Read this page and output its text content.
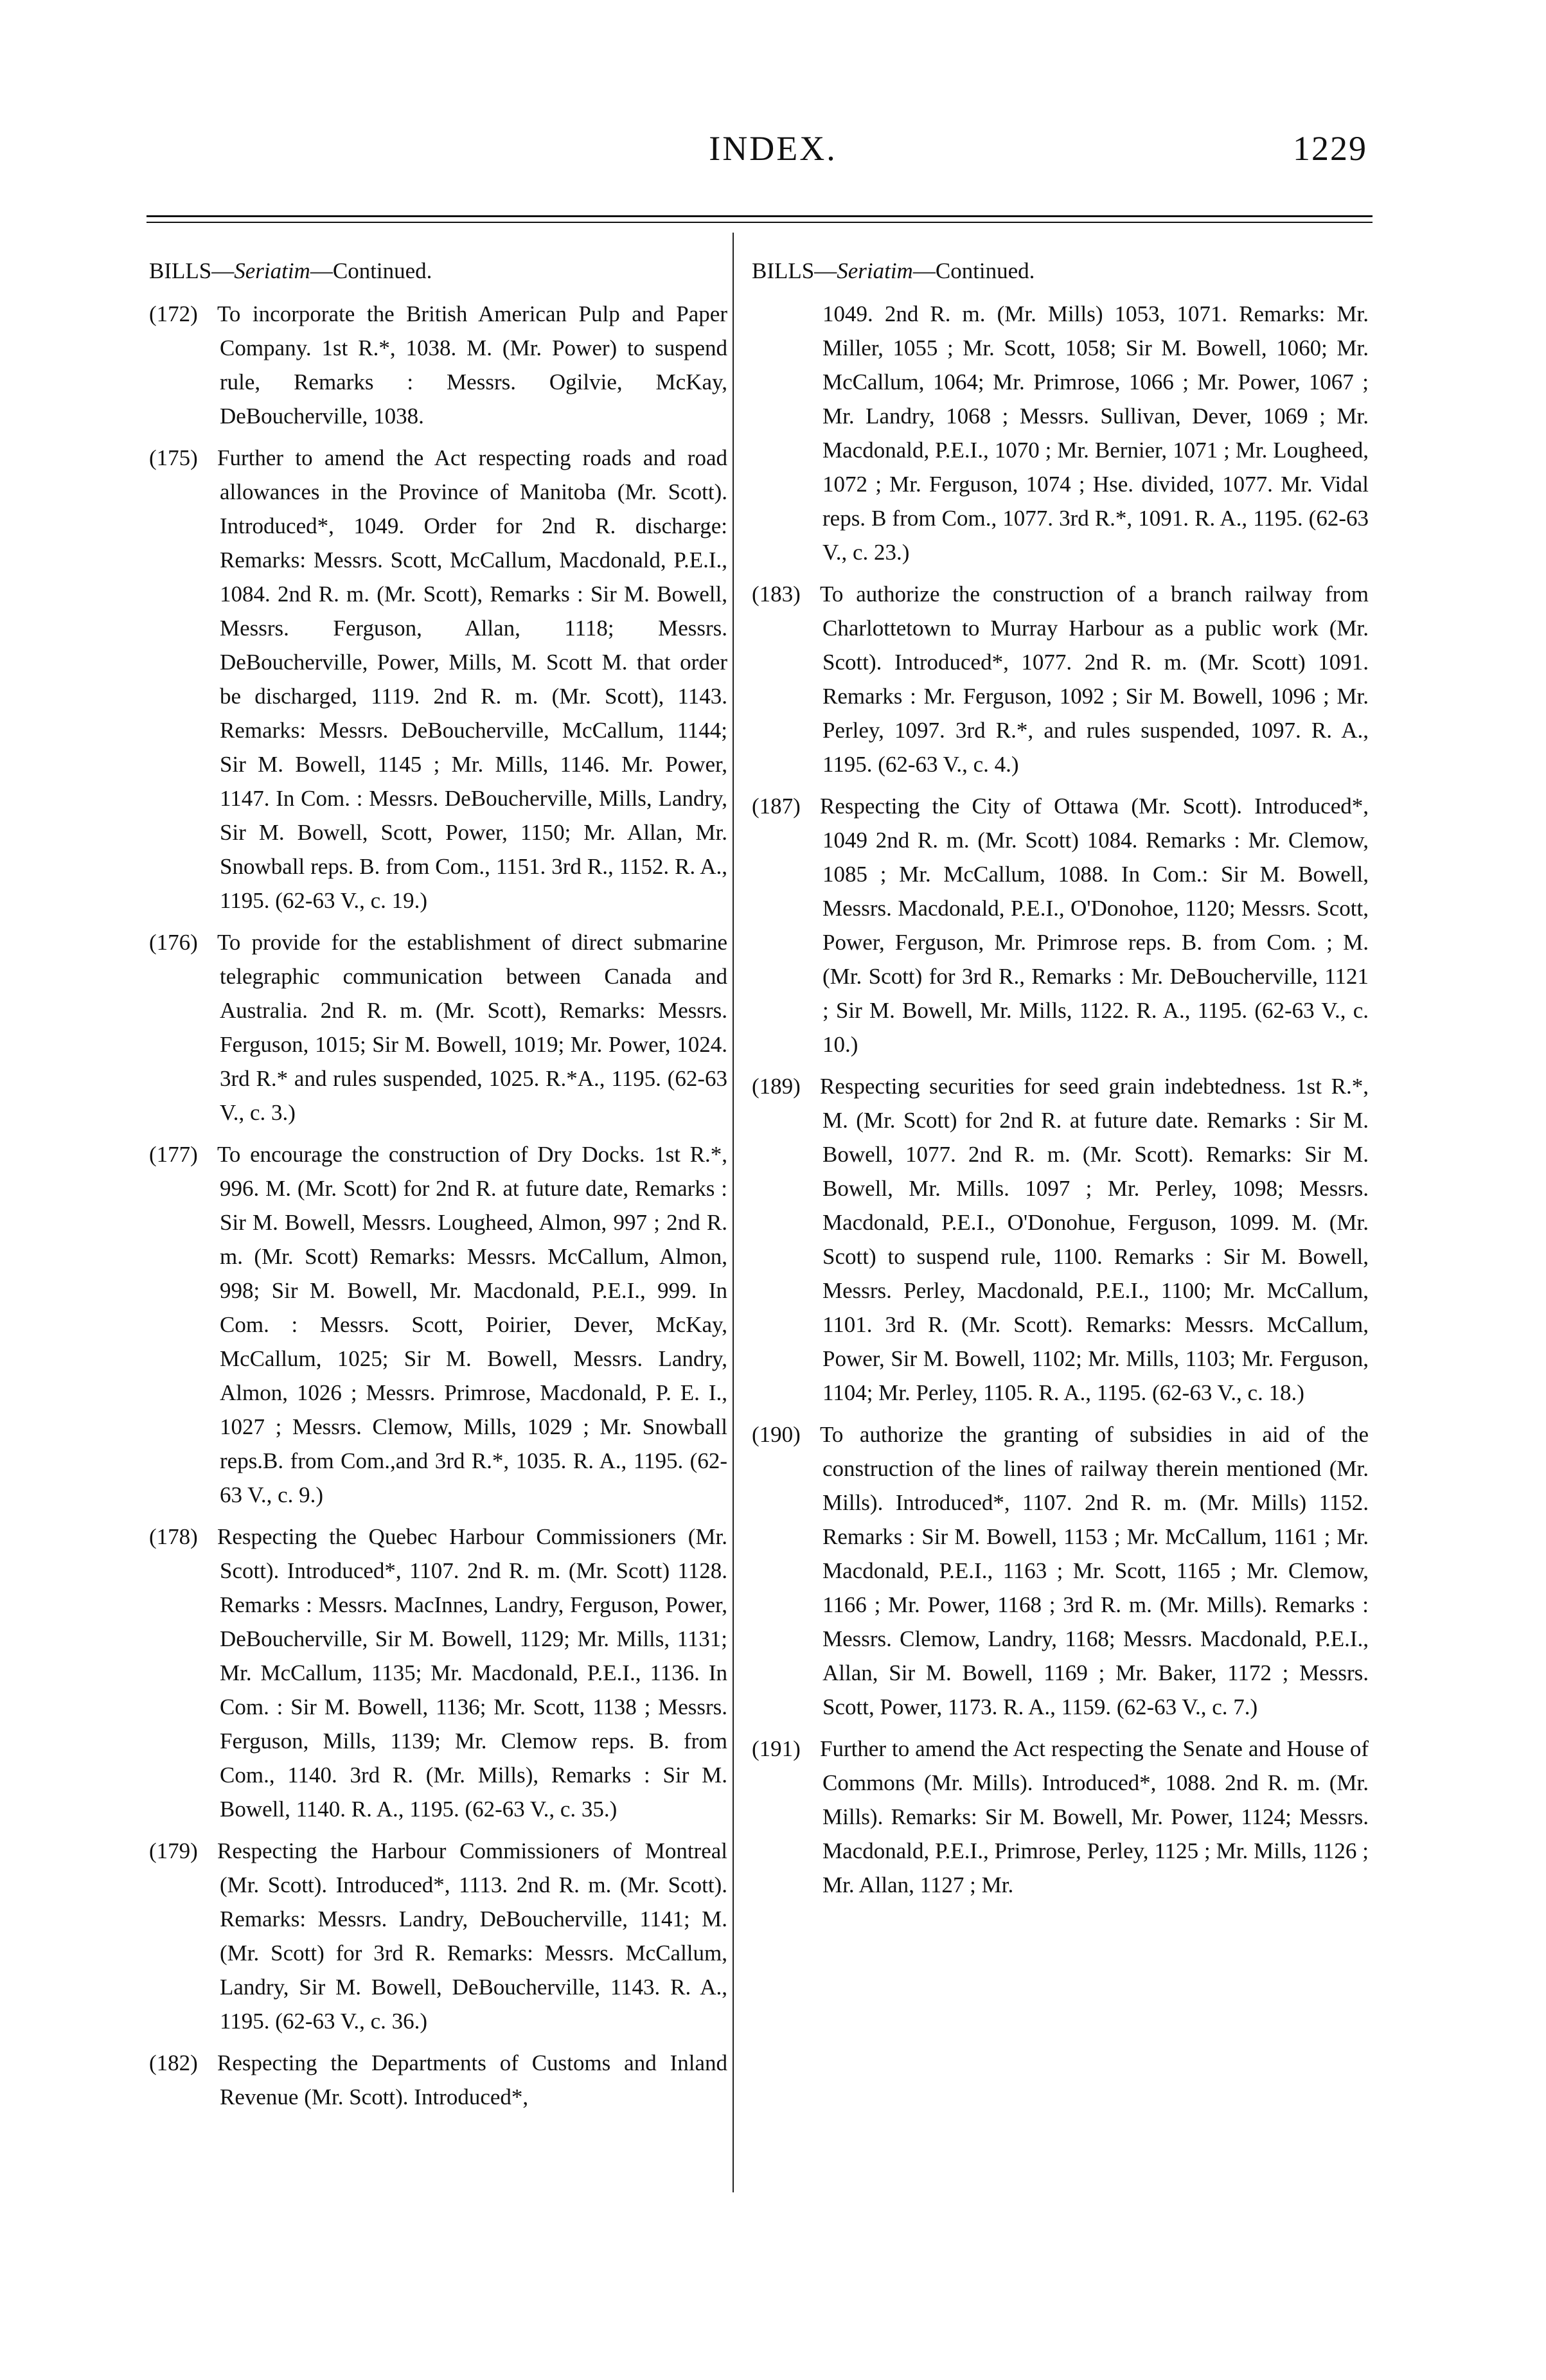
INDEX.	1229

BILLS—Seriatim—Continued.

(172) To incorporate the British American Pulp and Paper Company. 1st R.*, 1038. M. (Mr. Power) to suspend rule, Remarks : Messrs. Ogilvie, McKay, DeBoucherville, 1038.

(175) Further to amend the Act respecting roads and road allowances in the Province of Manitoba (Mr. Scott). Introduced*, 1049. Order for 2nd R. discharge: Remarks: Messrs. Scott, McCallum, Macdonald, P.E.I., 1084. 2nd R. m. (Mr. Scott), Remarks : Sir M. Bowell, Messrs. Ferguson, Allan, 1118; Messrs. DeBoucherville, Power, Mills, M. Scott M. that order be discharged, 1119. 2nd R. m. (Mr. Scott), 1143. Remarks: Messrs. DeBoucherville, McCallum, 1144; Sir M. Bowell, 1145 ; Mr. Mills, 1146. Mr. Power, 1147. In Com. : Messrs. DeBoucherville, Mills, Landry, Sir M. Bowell, Scott, Power, 1150; Mr. Allan, Mr. Snowball reps. B. from Com., 1151. 3rd R., 1152. R. A., 1195. (62-63 V., c. 19.)

(176) To provide for the establishment of direct submarine telegraphic communication between Canada and Australia. 2nd R. m. (Mr. Scott), Remarks: Messrs. Ferguson, 1015; Sir M. Bowell, 1019; Mr. Power, 1024. 3rd R.* and rules suspended, 1025. R.*A., 1195. (62-63 V., c. 3.)

(177) To encourage the construction of Dry Docks. 1st R.*, 996. M. (Mr. Scott) for 2nd R. at future date, Remarks : Sir M. Bowell, Messrs. Lougheed, Almon, 997 ; 2nd R. m. (Mr. Scott) Remarks: Messrs. McCallum, Almon, 998; Sir M. Bowell, Mr. Macdonald, P.E.I., 999. In Com. : Messrs. Scott, Poirier, Dever, McKay, McCallum, 1025; Sir M. Bowell, Messrs. Landry, Almon, 1026 ; Messrs. Primrose, Macdonald, P. E. I., 1027 ; Messrs. Clemow, Mills, 1029 ; Mr. Snowball reps.B. from Com.,and 3rd R.*, 1035. R. A., 1195. (62-63 V., c. 9.)

(178) Respecting the Quebec Harbour Commissioners (Mr. Scott). Introduced*, 1107. 2nd R. m. (Mr. Scott) 1128. Remarks : Messrs. MacInnes, Landry, Ferguson, Power, DeBoucherville, Sir M. Bowell, 1129; Mr. Mills, 1131; Mr. McCallum, 1135; Mr. Macdonald, P.E.I., 1136. In Com. : Sir M. Bowell, 1136; Mr. Scott, 1138 ; Messrs. Ferguson, Mills, 1139; Mr. Clemow reps. B. from Com., 1140. 3rd R. (Mr. Mills), Remarks : Sir M. Bowell, 1140. R. A., 1195. (62-63 V., c. 35.)

(179) Respecting the Harbour Commissioners of Montreal (Mr. Scott). Introduced*, 1113. 2nd R. m. (Mr. Scott). Remarks: Messrs. Landry, DeBoucherville, 1141; M. (Mr. Scott) for 3rd R. Remarks: Messrs. McCallum, Landry, Sir M. Bowell, DeBoucherville, 1143. R. A., 1195. (62-63 V., c. 36.)

(182) Respecting the Departments of Customs and Inland Revenue (Mr. Scott). Introduced*,

BILLS—Seriatim—Continued.

1049. 2nd R. m. (Mr. Mills) 1053, 1071. Remarks: Mr. Miller, 1055 ; Mr. Scott, 1058; Sir M. Bowell, 1060; Mr. McCallum, 1064; Mr. Primrose, 1066 ; Mr. Power, 1067 ; Mr. Landry, 1068 ; Messrs. Sullivan, Dever, 1069 ; Mr. Macdonald, P.E.I., 1070 ; Mr. Bernier, 1071 ; Mr. Lougheed, 1072 ; Mr. Ferguson, 1074 ; Hse. divided, 1077. Mr. Vidal reps. B from Com., 1077. 3rd R.*, 1091. R. A., 1195. (62-63 V., c. 23.)

(183) To authorize the construction of a branch railway from Charlottetown to Murray Harbour as a public work (Mr. Scott). Introduced*, 1077. 2nd R. m. (Mr. Scott) 1091. Remarks : Mr. Ferguson, 1092 ; Sir M. Bowell, 1096 ; Mr. Perley, 1097. 3rd R.*, and rules suspended, 1097. R. A., 1195. (62-63 V., c. 4.)

(187) Respecting the City of Ottawa (Mr. Scott). Introduced*, 1049 2nd R. m. (Mr. Scott) 1084. Remarks : Mr. Clemow, 1085 ; Mr. McCallum, 1088. In Com.: Sir M. Bowell, Messrs. Macdonald, P.E.I., O'Donohoe, 1120; Messrs. Scott, Power, Ferguson, Mr. Primrose reps. B. from Com. ; M. (Mr. Scott) for 3rd R., Remarks : Mr. DeBoucherville, 1121 ; Sir M. Bowell, Mr. Mills, 1122. R. A., 1195. (62-63 V., c. 10.)

(189) Respecting securities for seed grain indebtedness. 1st R.*, M. (Mr. Scott) for 2nd R. at future date. Remarks : Sir M. Bowell, 1077. 2nd R. m. (Mr. Scott). Remarks: Sir M. Bowell, Mr. Mills. 1097 ; Mr. Perley, 1098; Messrs. Macdonald, P.E.I., O'Donohue, Ferguson, 1099. M. (Mr. Scott) to suspend rule, 1100. Remarks : Sir M. Bowell, Messrs. Perley, Macdonald, P.E.I., 1100; Mr. McCallum, 1101. 3rd R. (Mr. Scott). Remarks: Messrs. McCallum, Power, Sir M. Bowell, 1102; Mr. Mills, 1103; Mr. Ferguson, 1104; Mr. Perley, 1105. R. A., 1195. (62-63 V., c. 18.)

(190) To authorize the granting of subsidies in aid of the construction of the lines of railway therein mentioned (Mr. Mills). Introduced*, 1107. 2nd R. m. (Mr. Mills) 1152. Remarks : Sir M. Bowell, 1153 ; Mr. McCallum, 1161 ; Mr. Macdonald, P.E.I., 1163 ; Mr. Scott, 1165 ; Mr. Clemow, 1166 ; Mr. Power, 1168 ; 3rd R. m. (Mr. Mills). Remarks : Messrs. Clemow, Landry, 1168; Messrs. Macdonald, P.E.I., Allan, Sir M. Bowell, 1169 ; Mr. Baker, 1172 ; Messrs. Scott, Power, 1173. R. A., 1159. (62-63 V., c. 7.)

(191) Further to amend the Act respecting the Senate and House of Commons (Mr. Mills). Introduced*, 1088. 2nd R. m. (Mr. Mills). Remarks: Sir M. Bowell, Mr. Power, 1124; Messrs. Macdonald, P.E.I., Primrose, Perley, 1125 ; Mr. Mills, 1126 ; Mr. Allan, 1127 ; Mr.
